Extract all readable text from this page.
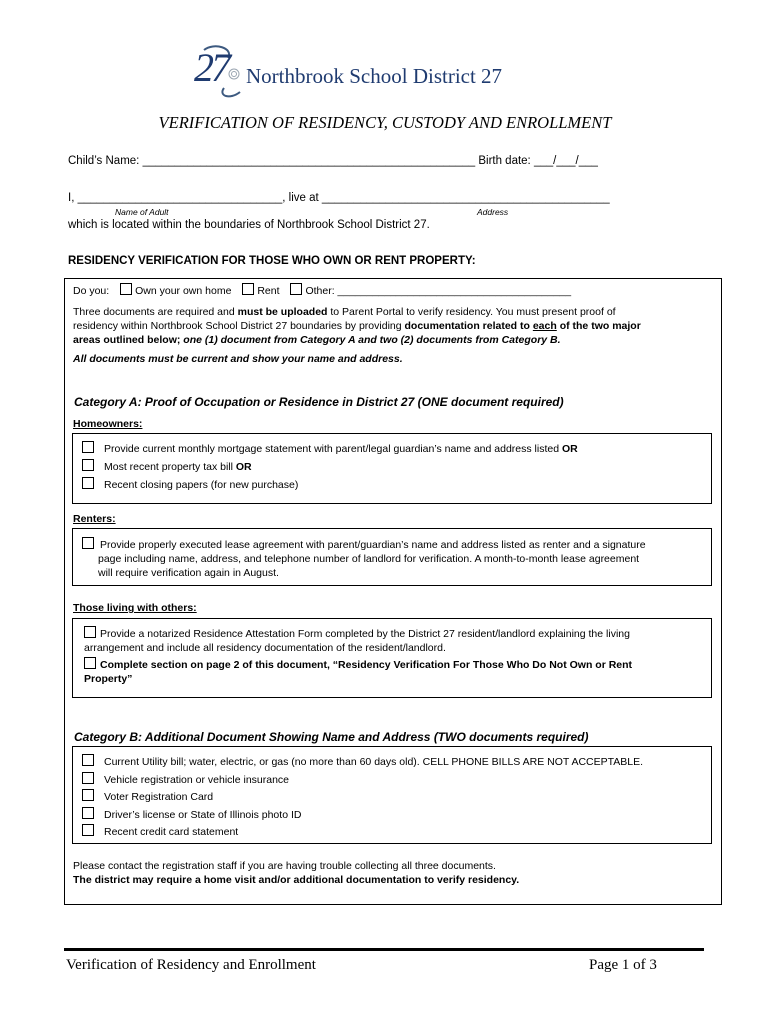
27 Northbrook School District 27
VERIFICATION OF RESIDENCY, CUSTODY AND ENROLLMENT
Child’s Name: ____________________________________________________ Birth date: ___/___/___
I, ________________________________, live at _____________________________________________
Name of Adult	Address
which is located within the boundaries of Northbrook School District 27.
RESIDENCY VERIFICATION FOR THOSE WHO OWN OR RENT PROPERTY:
Do you: Own your own home Rent Other: ________________________________________
Three documents are required and must be uploaded to Parent Portal to verify residency. You must present proof of
residency within Northbrook School District 27 boundaries by providing documentation related to each of the two major
areas outlined below; one (1) document from Category A and two (2) documents from Category B.
All documents must be current and show your name and address.
Category A: Proof of Occupation or Residence in District 27 (ONE document required)
Homeowners:
Provide current monthly mortgage statement with parent/legal guardian’s name and address listed OR
Most recent property tax bill OR
Recent closing papers (for new purchase)
Renters:
Provide properly executed lease agreement with parent/guardian’s name and address listed as renter and a signature
page including name, address, and telephone number of landlord for verification. A month-to-month lease agreement
will require verification again in August.
Those living with others:
Provide a notarized Residence Attestation Form completed by the District 27 resident/landlord explaining the living
arrangement and include all residency documentation of the resident/landlord.
Complete section on page 2 of this document, “Residency Verification For Those Who Do Not Own or Rent
Property”
Category B: Additional Document Showing Name and Address (TWO documents required)
Current Utility bill; water, electric, or gas (no more than 60 days old). CELL PHONE BILLS ARE NOT ACCEPTABLE.
Vehicle registration or vehicle insurance
Voter Registration Card
Driver’s license or State of Illinois photo ID
Recent credit card statement
Please contact the registration staff if you are having trouble collecting all three documents.
The district may require a home visit and/or additional documentation to verify residency.
Verification of Residency and Enrollment	Page 1 of 3
